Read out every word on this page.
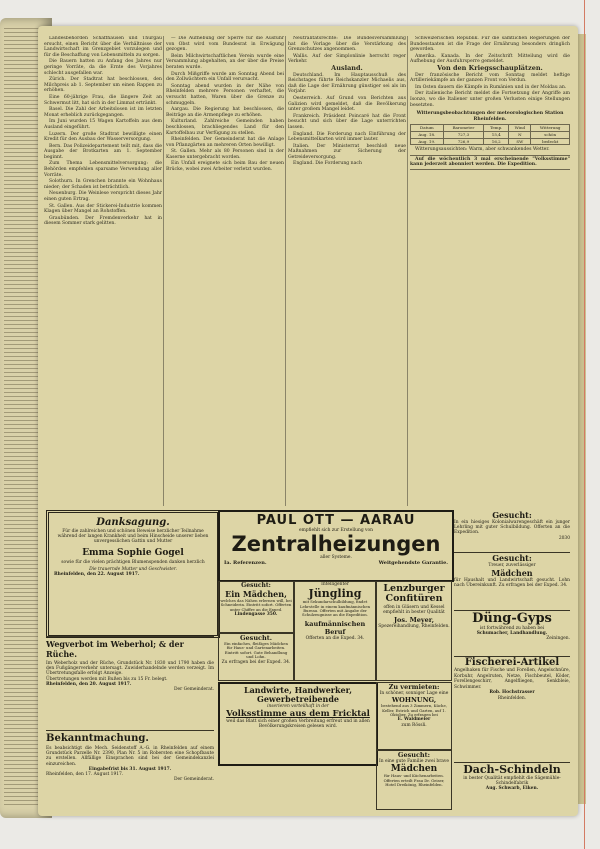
Landesbehörden Schaffhausen und Thurgau ersucht, einen Bericht über die Verhältnisse der Landwirtschaft im Grenzgebiet vorzulegen und für die Beschaffung von Lebensmitteln zu sorgen.

Die Bauern hatten zu Anfang des Jahres nur geringe Vorräte, da die Ernte des Vorjahres schlecht ausgefallen war.

Zürich. Der Stadtrat hat beschlossen, den Milchpreis ab 1. September um einen Rappen zu erhöhen.

Eine 60-jährige Frau, die längere Zeit an Schwermut litt, hat sich in der Limmat ertränkt.

Basel. Die Zahl der Arbeitslosen ist im letzten Monat erheblich zurückgegangen.

Im Juni wurden 15 Wagen Kartoffeln aus dem Ausland eingeführt.

Luzern. Der große Stadtrat bewilligte einen Kredit für den Ausbau der Wasserversorgung.

Bern. Das Polizeidepartement teilt mit, dass die Ausgabe der Brotkarten am 1. September beginnt.

Zum Thema Lebensmittelversorgung: die Behörden empfehlen sparsame Verwendung aller Vorräte.

Solothurn. In Grenchen brannte ein Wohnhaus nieder; der Schaden ist beträchtlich.

Neuenburg. Die Weinlese verspricht dieses Jahr einen guten Ertrag.

St. Gallen. Aus der Stickerei-Industrie kommen Klagen über Mangel an Rohstoffen.

Graubünden. Der Fremdenverkehr hat in diesem Sommer stark gelitten.

— Die Aufhebung der Sperre für die Ausfuhr von Obst wird vom Bundesrat in Erwägung gezogen.

Beim Milchwirtschaftlichen Verein wurde eine Versammlung abgehalten, an der über die Preise beraten wurde.

Durch Mißgriffe wurde am Sonntag Abend bei den Zollwächtern ein Unfall verursacht.

Sonntag abend wurden in der Nähe von Rheinfelden mehrere Personen verhaftet, die versucht hatten, Waren über die Grenze zu schmuggeln.

Aargau. Die Regierung hat beschlossen, die Beiträge an die Armenpflege zu erhöhen.

Kulturland. Zahlreiche Gemeinden haben beschlossen, brachliegendes Land für den Kartoffelbau zur Verfügung zu stellen.

Rheinfelden. Der Gemeinderat hat die Anlage von Pflanzgärten an mehreren Orten bewilligt.

St. Gallen. Mehr als 80 Personen sind in der Kaserne untergebracht worden.

Ein Unfall ereignete sich beim Bau der neuen Brücke, wobei zwei Arbeiter verletzt wurden.

Neutralitätsrechte: Die Bundesversammlung hat die Vorlage über die Verstärkung des Grenzschutzes angenommen.

Wallis. Auf der Simplonlinie herrscht reger Verkehr.

Ausland.

Deutschland. Im Hauptausschuß des Reichstages führte Reichskanzler Michaelis aus, daß die Lage der Ernährung günstiger sei als im Vorjahr.

Oesterreich. Auf Grund von Berichten aus Galizien wird gemeldet, daß die Bevölkerung unter großem Mangel leidet.

Frankreich. Präsident Poincaré hat die Front besucht und sich über die Lage unterrichten lassen.

England. Die Forderung nach Einführung der Lebensmittelkarten wird immer lauter.

Italien. Der Ministerrat beschloß neue Maßnahmen zur Sicherung der Getreideversorgung.

England. Die Forderung nach

Schweizerischen Republik. Für die sämtlichen Regierungen der Bundesstaaten ist die Frage der Ernährung besonders dringlich geworden.

Amerika. Kanada. In der Zeitschrift Mitteilung wird die Aufhebung der Ausfuhrsperre gemeldet.

Von den Kriegsschauplätzen.

Der französische Bericht vom Sonntag meldet heftige Artilleriekämpfe an der ganzen Front von Verdun.

Im Osten dauern die Kämpfe in Rumänien und in der Moldau an.

Der italienische Bericht meldet die Fortsetzung der Angriffe am Isonzo, wo die Italiener unter großen Verlusten einige Stellungen besetzten.

Witterungsbeobachtungen der meteorologischen Station Rheinfelden.

Datum	Barometer	Temp.	Wind	Witterung
Aug. 18.	727,3	15,4	N	schön
Aug. 19.	726,9	16,2	SW	bedeckt

Witterungsaussichten: Warm, aber schwankendes Wetter.

Auf die wöchentlich 3 mal erscheinende "Volksstimme" kann jederzeit abonniert werden. Die Expedition.

Danksagung.
Für die zahlreichen und schönen Beweise herzlicher Teilnahme während der langen Krankheit und beim Hinscheide unserer lieben unvergesslichen Gattin und Mutter
Emma Sophie Gogel
sowie für die vielen prächtigen Blumenspenden danken herzlich
Die trauernde Mutter und Geschwister.
Rheinfelden, den 22. August 1917.
Wegverbot im Weberhol; & der Rüche.
Im Weberholz und der Rüche, Grundstück Nr. 1830 und 1790 haben die den Fußgängerverkehr untersagt. Zuwiderhandelnde werden verzeigt. Im Übertretungsfalle erfolgt Anzeige.
Übertretungen werden mit Bußen bis zu 15 Fr. belegt.
Rheinfelden, den 20. August 1917.
Der Gemeinderat.
Bekanntmachung.
Es beabsichtigt die Mech. Seidenstoff A.-G. in Rheinfelden auf einem Grundstück Parzelle Nr. 2390, Plan Nr. 5 im Robersten eine Schopfbaute zu erstellen. Allfällige Einsprachen sind bei der Gemeindekanzlei einzureichen.
Eingabefrist bis 31. August 1917.
Rheinfelden, den 17. August 1917.
Der Gemeinderat.
PAUL OTT — AARAU
empfiehlt sich zur Erstellung von
Zentralheizungen
aller Systeme.
Ia. Referenzen.	Weitgehendste Garantie.
Gesucht:
Ein Mädchen,
welches das Nähen erlernen will, bei Schneiderin. Eintritt sofort. Offerten unter Chiffre an die Exped.
Lindengasse 350.
Gesucht.
Ein einfaches, fleißiges Mädchen für Haus- und Gartenarbeiten. Eintritt sofort. Gute Behandlung und Lohn.
Zu erfragen bei der Exped. 34.
Intelligenter
Jüngling
mit Sekundarschulbildung, findet Lehrstelle in einem kaufmännischen Bureau. Offerten mit Angabe der Schulzeugnisse an die Expedition.
kaufmännischen Beruf
Offerten an die Exped. 34.
Lenzburger Confitüren
offen in Gläsern und Kessel empfiehlt in bester Qualität
Jos. Meyer,
Spezereihandlung, Rheinfelden.
Landwirte, Handwerker, Gewerbetreibende
inserieren vorteilhaft in der
Volksstimme aus dem Fricktal
weil das Blatt sich einer großen Verbreitung erfreut und in allen Bevölkerungskreisen gelesen wird.
Zu vermieten:
In schöner, sonniger Lage eine
WOHNUNG,
bestehend aus 3 Zimmern, Küche, Keller, Estrich und Garten, auf 1. Oktober. Zu erfragen bei
E. Waldmeier
zum Rössli.
Gesucht:
In eine gute Familie zwei brave
Mädchen
für Haus- und Küchenarbeiten. Offerten erteilt Frau Dr. Geiser, Hotel Dreikönig, Rheinfelden.
Gesucht:
In ein hiesiges Kolonialwarengeschäft ein junger Lehrling mit guter Schulbildung. Offerten an die Expedition.
2030
Gesucht:
Treuer, zuverlässiger
Mädchen
für Haushalt und Landwirtschaft gesucht. Lohn nach Übereinkunft. Zu erfragen bei der Exped. 34.
Düng-Gyps
ist fortwährend zu haben bei
Schumacher, Landhandlung.
Zeiningen.
Fischerei-Artikel
Angelhaken für Fische und Forellen, Angelschnüre, Korbuhr, Angelruten, Netze, Fischbeutel, Köder, Forellengeschirr, Angelfliegen, Senkbleie, Schwimmer.
Rob. Hochstrasser
Rheinfelden.
Dach-Schindeln
in bester Qualität empfiehlt die Sägemühle-Schindelfabrik
Aug. Schwarb, Eiken.
